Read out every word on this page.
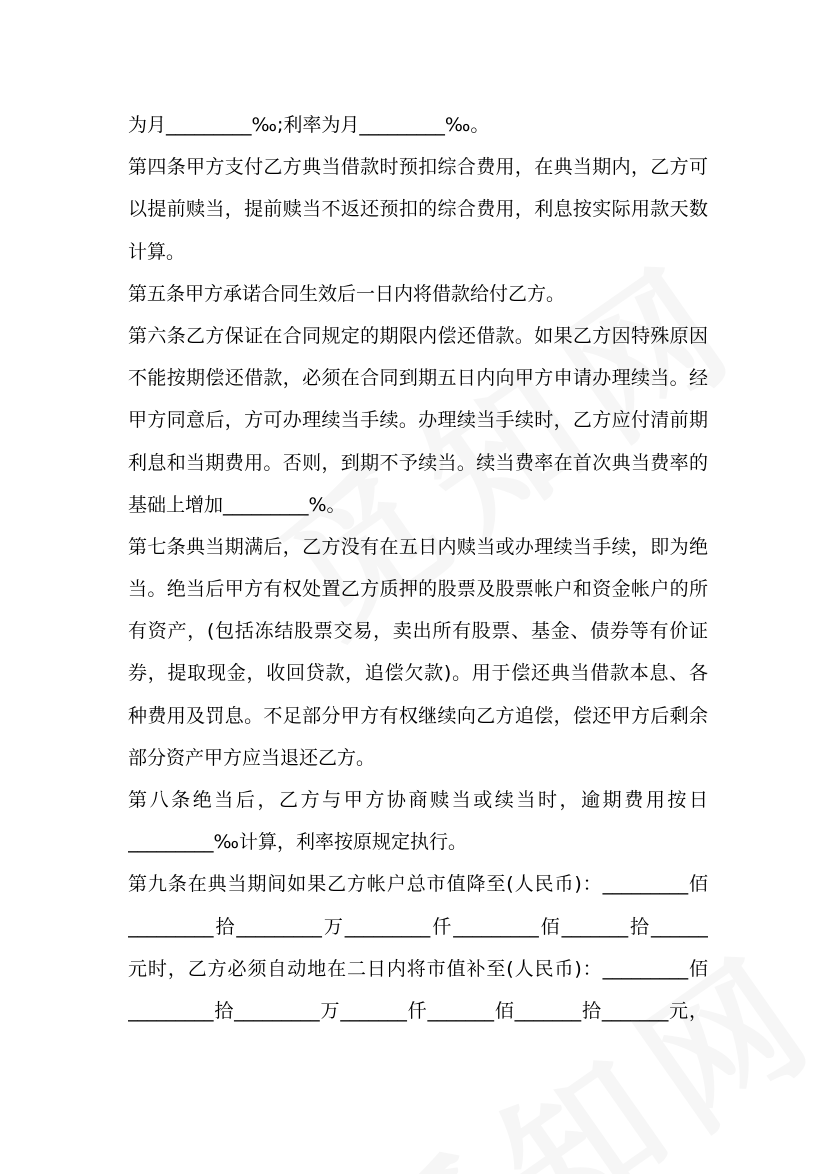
为月_________‰;利率为月_________‰。
第四条甲方支付乙方典当借款时预扣综合费用，在典当期内，乙方可
以提前赎当，提前赎当不返还预扣的综合费用，利息按实际用款天数
计算。
第五条甲方承诺合同生效后一日内将借款给付乙方。
第六条乙方保证在合同规定的期限内偿还借款。如果乙方因特殊原因
不能按期偿还借款，必须在合同到期五日内向甲方申请办理续当。经
甲方同意后，方可办理续当手续。办理续当手续时，乙方应付清前期
利息和当期费用。否则，到期不予续当。续当费率在首次典当费率的
基础上增加_________%。
第七条典当期满后，乙方没有在五日内赎当或办理续当手续，即为绝
当。绝当后甲方有权处置乙方质押的股票及股票帐户和资金帐户的所
有资产，(包括冻结股票交易，卖出所有股票、基金、债券等有价证
券，提取现金，收回贷款，追偿欠款)。用于偿还典当借款本息、各
种费用及罚息。不足部分甲方有权继续向乙方追偿，偿还甲方后剩余
部分资产甲方应当退还乙方。
第八条绝当后，乙方与甲方协商赎当或续当时，逾期费用按日
_________‰计算，利率按原规定执行。
第九条在典当期间如果乙方帐户总市值降至(人民币)：_________佰
_________拾_________万_________仟_________佰_______拾______
元时，乙方必须自动地在二日内将市值补至(人民币)：_________佰
_________拾_________万_______仟_______佰_______拾_______元，
